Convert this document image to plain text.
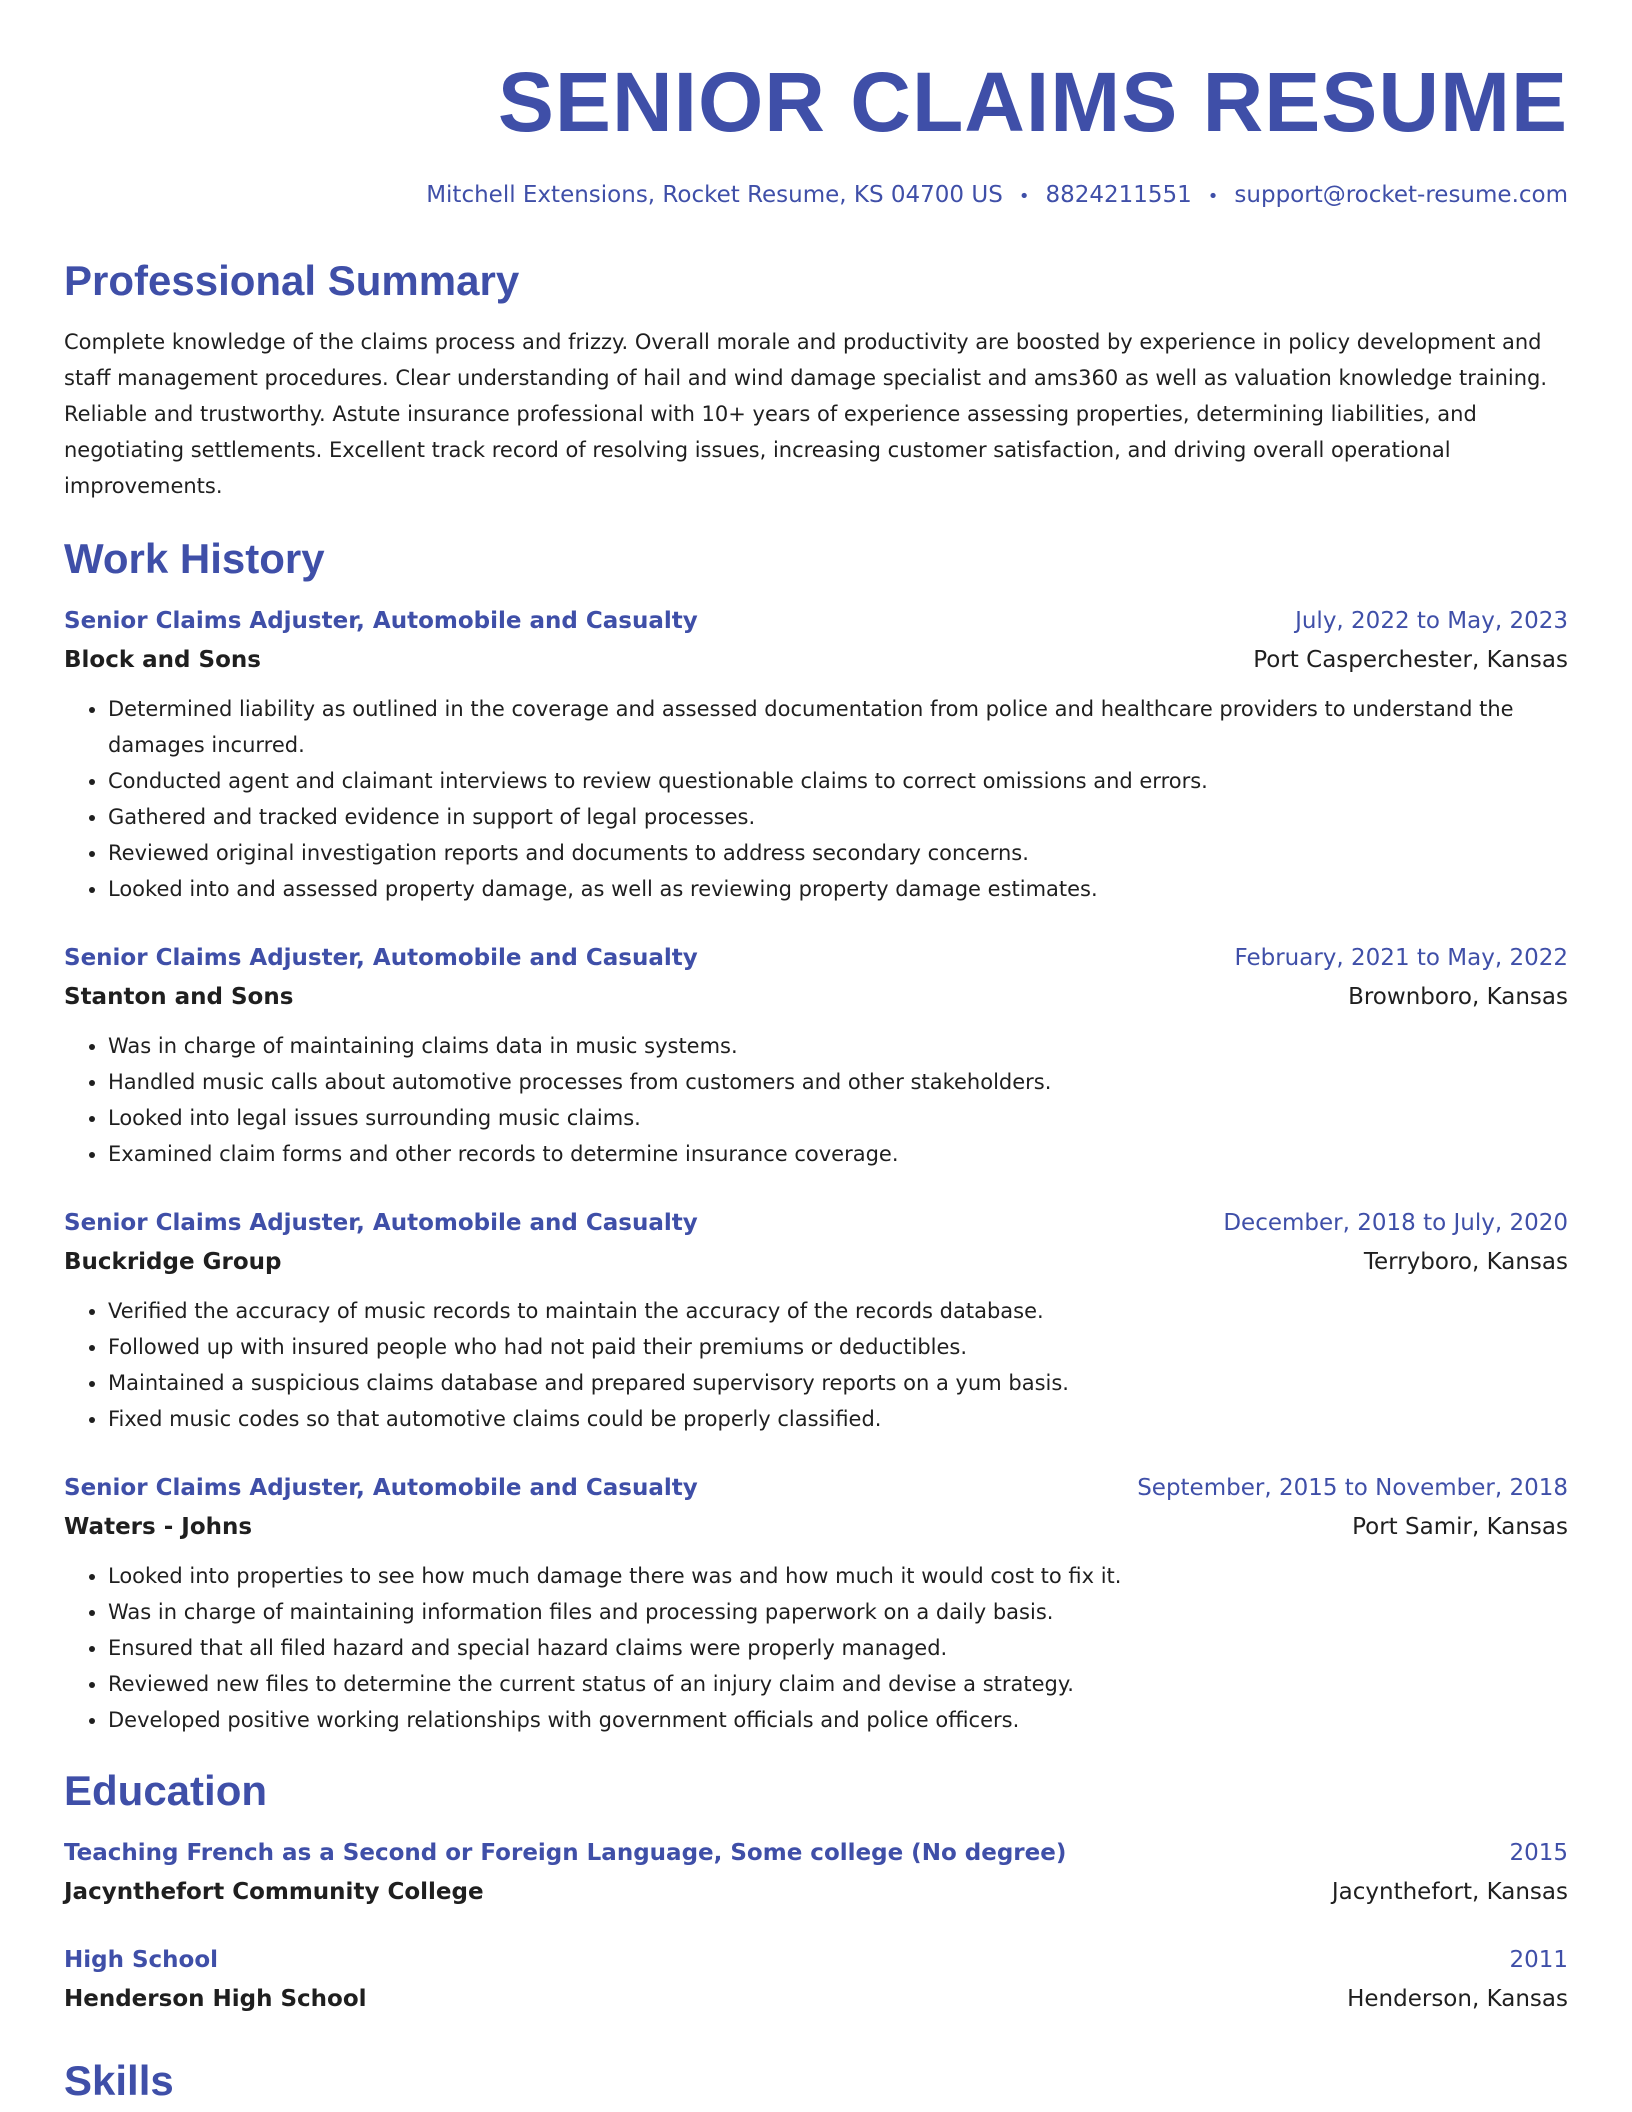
SENIOR CLAIMS RESUME
Mitchell Extensions, Rocket Resume, KS 04700 US • 8824211551 • support@rocket-resume.com
Professional Summary
Complete knowledge of the claims process and frizzy. Overall morale and productivity are boosted by experience in policy development and staff management procedures. Clear understanding of hail and wind damage specialist and ams360 as well as valuation knowledge training. Reliable and trustworthy. Astute insurance professional with 10+ years of experience assessing properties, determining liabilities, and negotiating settlements. Excellent track record of resolving issues, increasing customer satisfaction, and driving overall operational improvements.
Work History
Senior Claims Adjuster, Automobile and Casualty	July, 2022 to May, 2023
Block and Sons	Port Casperchester, Kansas
• Determined liability as outlined in the coverage and assessed documentation from police and healthcare providers to understand the damages incurred.
• Conducted agent and claimant interviews to review questionable claims to correct omissions and errors.
• Gathered and tracked evidence in support of legal processes.
• Reviewed original investigation reports and documents to address secondary concerns.
• Looked into and assessed property damage, as well as reviewing property damage estimates.
Senior Claims Adjuster, Automobile and Casualty	February, 2021 to May, 2022
Stanton and Sons	Brownboro, Kansas
• Was in charge of maintaining claims data in music systems.
• Handled music calls about automotive processes from customers and other stakeholders.
• Looked into legal issues surrounding music claims.
• Examined claim forms and other records to determine insurance coverage.
Senior Claims Adjuster, Automobile and Casualty	December, 2018 to July, 2020
Buckridge Group	Terryboro, Kansas
• Verified the accuracy of music records to maintain the accuracy of the records database.
• Followed up with insured people who had not paid their premiums or deductibles.
• Maintained a suspicious claims database and prepared supervisory reports on a yum basis.
• Fixed music codes so that automotive claims could be properly classified.
Senior Claims Adjuster, Automobile and Casualty	September, 2015 to November, 2018
Waters - Johns	Port Samir, Kansas
• Looked into properties to see how much damage there was and how much it would cost to fix it.
• Was in charge of maintaining information files and processing paperwork on a daily basis.
• Ensured that all filed hazard and special hazard claims were properly managed.
• Reviewed new files to determine the current status of an injury claim and devise a strategy.
• Developed positive working relationships with government officials and police officers.
Education
Teaching French as a Second or Foreign Language, Some college (No degree)	2015
Jacynthefort Community College	Jacynthefort, Kansas
High School	2011
Henderson High School	Henderson, Kansas
Skills
